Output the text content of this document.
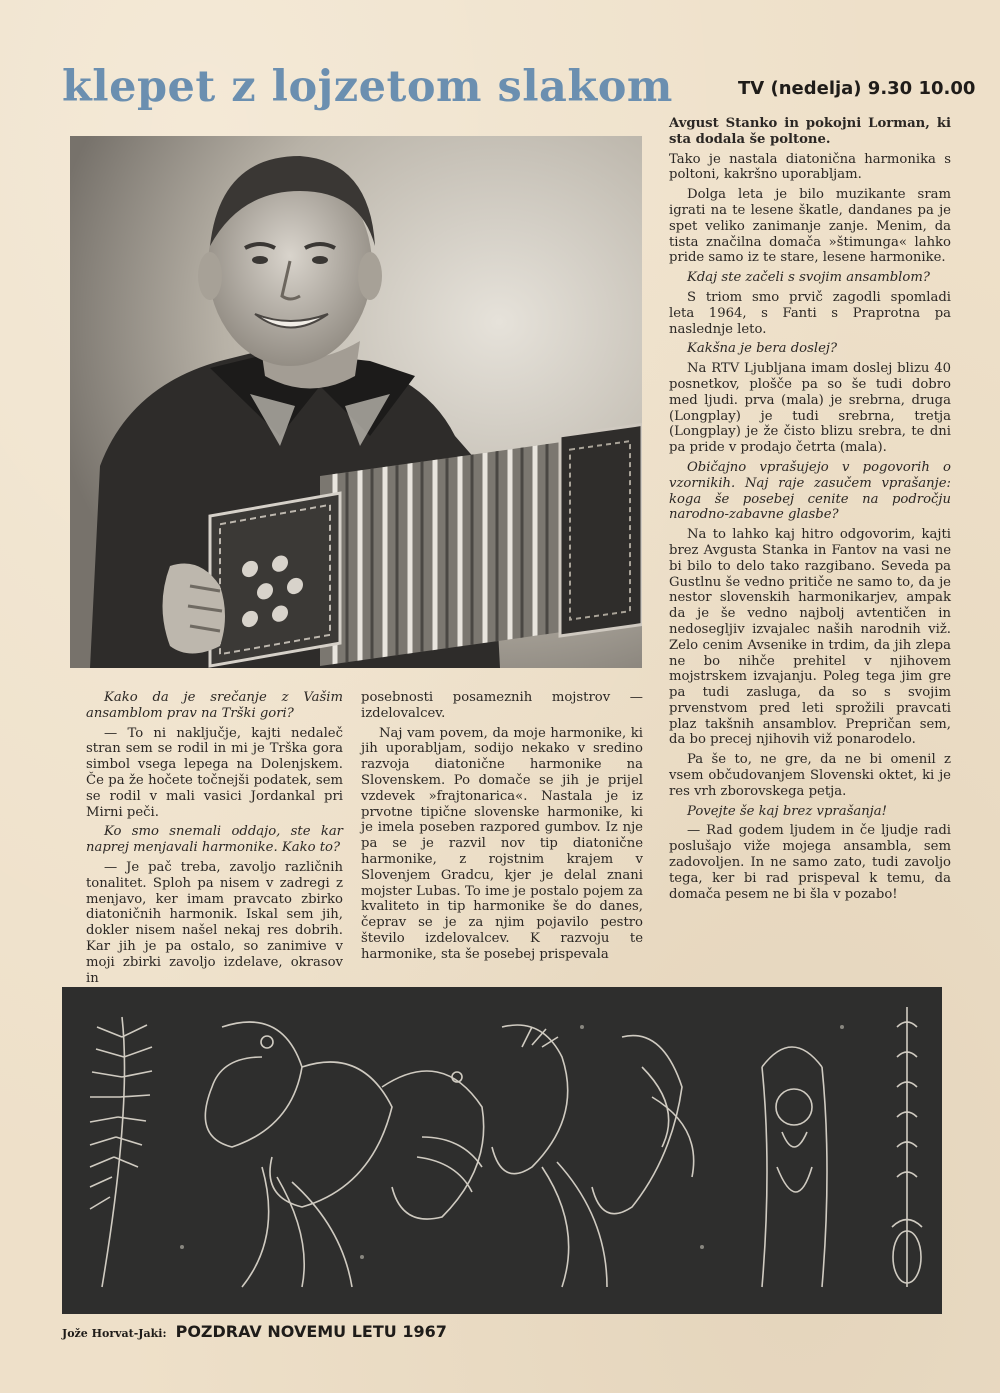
klepet z lojzetom slakom	TV (nedelja) 9.30 10.00

Kako da je srečanje z Vašim ansamblom prav na Trški gori?

— To ni naključje, kajti nedaleč stran sem se rodil in mi je Trška gora simbol vsega lepega na Dolenjskem. Če pa že hočete točnejši podatek, sem se rodil v mali vasici Jordankal pri Mirni peči.

Ko smo snemali oddajo, ste kar naprej menjavali harmonike. Kako to?

— Je pač treba, zavoljo različnih tonalitet. Sploh pa nisem v zadregi z menjavo, ker imam pravcato zbirko diatoničnih harmonik. Iskal sem jih, dokler nisem našel nekaj res dobrih. Kar jih je pa ostalo, so zanimive v moji zbirki zavoljo izdelave, okrasov in

posebnosti posameznih mojstrov — izdelovalcev.

Naj vam povem, da moje harmonike, ki jih uporabljam, sodijo nekako v sredino razvoja diatonične harmonike na Slovenskem. Po domače se jih je prijel vzdevek »frajtonarica«. Nastala je iz prvotne tipične slovenske harmonike, ki je imela poseben razpored gumbov. Iz nje pa se je razvil nov tip diatonične harmonike, z rojstnim krajem v Slovenjem Gradcu, kjer je delal znani mojster Lubas. To ime je postalo pojem za kvaliteto in tip harmonike še do danes, čeprav se je za njim pojavilo pestro število izdelovalcev. K razvoju te harmonike, sta še posebej prispevala

Avgust Stanko in pokojni Lorman, ki sta dodala še poltone.

Tako je nastala diatonična harmonika s poltoni, kakršno uporabljam.

Dolga leta je bilo muzikante sram igrati na te lesene škatle, dandanes pa je spet veliko zanimanje zanje. Menim, da tista značilna domača »štimunga« lahko pride samo iz te stare, lesene harmonike.

Kdaj ste začeli s svojim ansamblom?

S triom smo prvič zagodli spomladi leta 1964, s Fanti s Praprotna pa naslednje leto.

Kakšna je bera doslej?

Na RTV Ljubljana imam doslej blizu 40 posnetkov, plošče pa so še tudi dobro med ljudi. prva (mala) je srebrna, druga (Longplay) je tudi srebrna, tretja (Longplay) je že čisto blizu srebra, te dni pa pride v prodajo četrta (mala).

Običajno vprašujejo v pogovorih o vzornikih. Naj raje zasučem vprašanje: koga še posebej cenite na področju narodno-zabavne glasbe?

Na to lahko kaj hitro odgovorim, kajti brez Avgusta Stanka in Fantov na vasi ne bi bilo to delo tako razgibano. Seveda pa Gustlnu še vedno pritiče ne samo to, da je nestor slovenskih harmonikarjev, ampak da je še vedno najbolj avtentičen in nedosegljiv izvajalec naših narodnih viž. Zelo cenim Avsenike in trdim, da jih zlepa ne bo nihče prehitel v njihovem mojstrskem izvajanju. Poleg tega jim gre pa tudi zasluga, da so s svojim prvenstvom pred leti sprožili pravcati plaz takšnih ansamblov. Prepričan sem, da bo precej njihovih viž ponarodelo.

Pa še to, ne gre, da ne bi omenil z vsem občudovanjem Slovenski oktet, ki je res vrh zborovskega petja.

Povejte še kaj brez vprašanja!

— Rad godem ljudem in če ljudje radi poslušajo viže mojega ansambla, sem zadovoljen. In ne samo zato, tudi zavoljo tega, ker bi rad prispeval k temu, da domača pesem ne bi šla v pozabo!

Jože Horvat-Jaki: POZDRAV NOVEMU LETU 1967
